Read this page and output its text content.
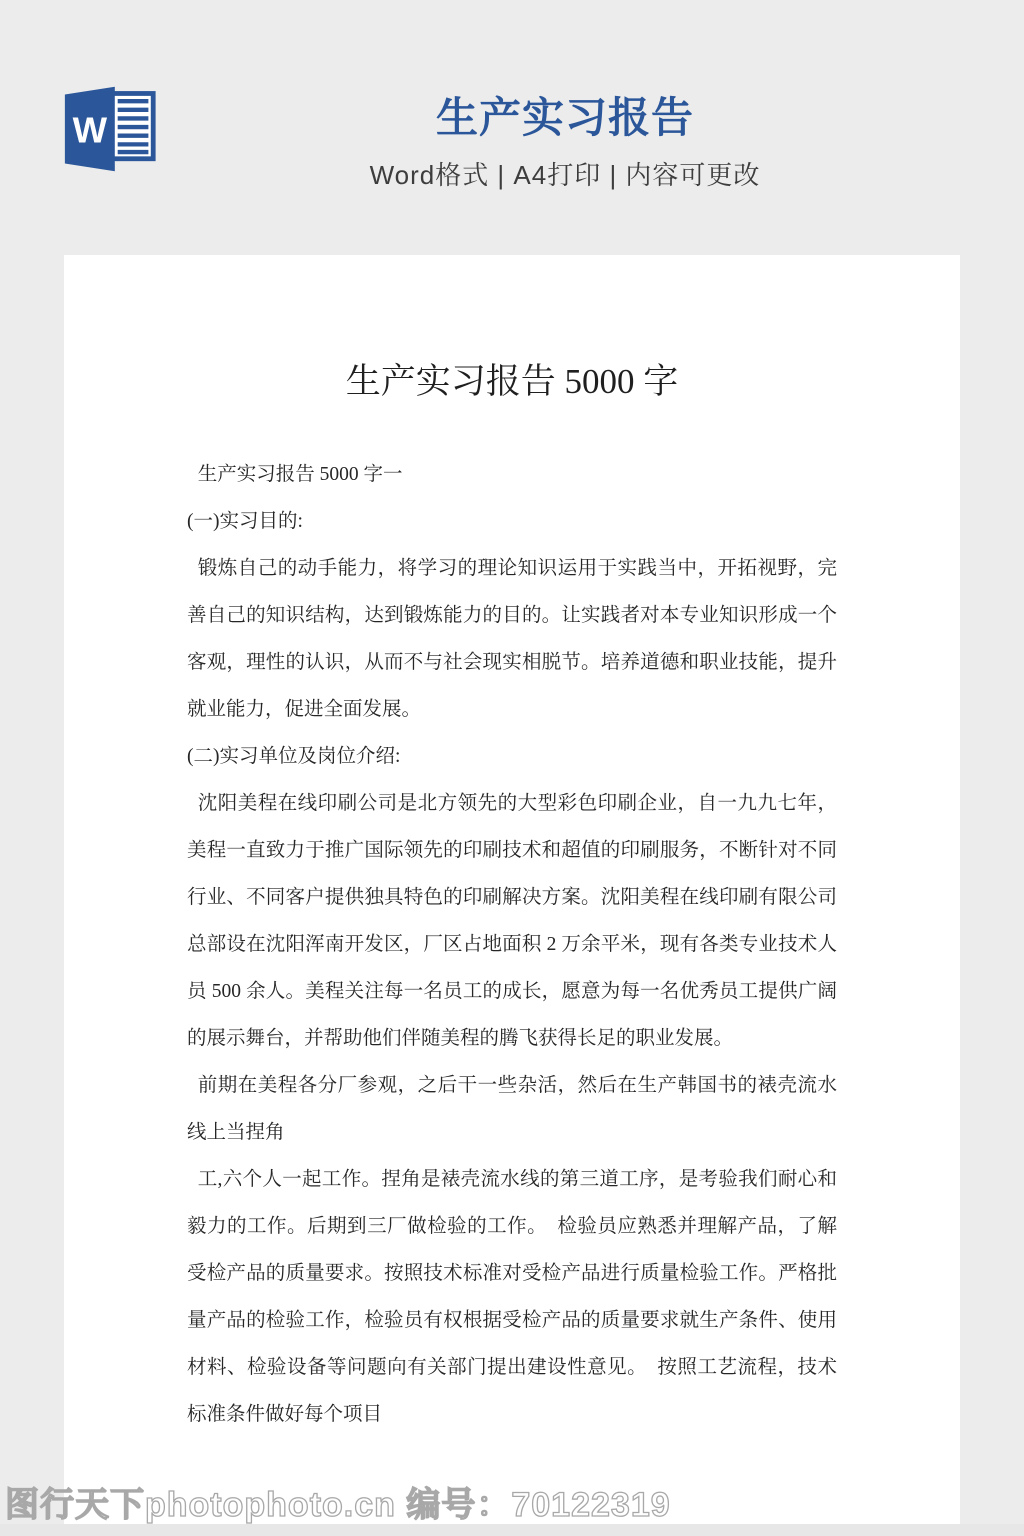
W	生产实习报告
Word格式 | A4打印 | 内容可更改
生产实习报告 5000 字

生产实习报告 5000 字一

(一)实习目的:

锻炼自己的动手能力，将学习的理论知识运用于实践当中，开拓视野，完善自己的知识结构，达到锻炼能力的目的。让实践者对本专业知识形成一个客观，理性的认识，从而不与社会现实相脱节。培养道德和职业技能，提升就业能力，促进全面发展。

(二)实习单位及岗位介绍:

沈阳美程在线印刷公司是北方领先的大型彩色印刷企业，自一九九七年，美程一直致力于推广国际领先的印刷技术和超值的印刷服务，不断针对不同行业、不同客户提供独具特色的印刷解决方案。沈阳美程在线印刷有限公司总部设在沈阳浑南开发区，厂区占地面积 2 万余平米，现有各类专业技术人员 500 余人。美程关注每一名员工的成长，愿意为每一名优秀员工提供广阔的展示舞台，并帮助他们伴随美程的腾飞获得长足的职业发展。

前期在美程各分厂参观，之后干一些杂活，然后在生产韩国书的裱壳流水线上当捏角

工,六个人一起工作。捏角是裱壳流水线的第三道工序，是考验我们耐心和毅力的工作。后期到三厂做检验的工作。　检验员应熟悉并理解产品，了解受检产品的质量要求。按照技术标准对受检产品进行质量检验工作。严格批量产品的检验工作，检验员有权根据受检产品的质量要求就生产条件、使用材料、检验设备等问题向有关部门提出建设性意见。　按照工艺流程，技术标准条件做好每个项目

图行天下photophoto.cn 编号：70122319
